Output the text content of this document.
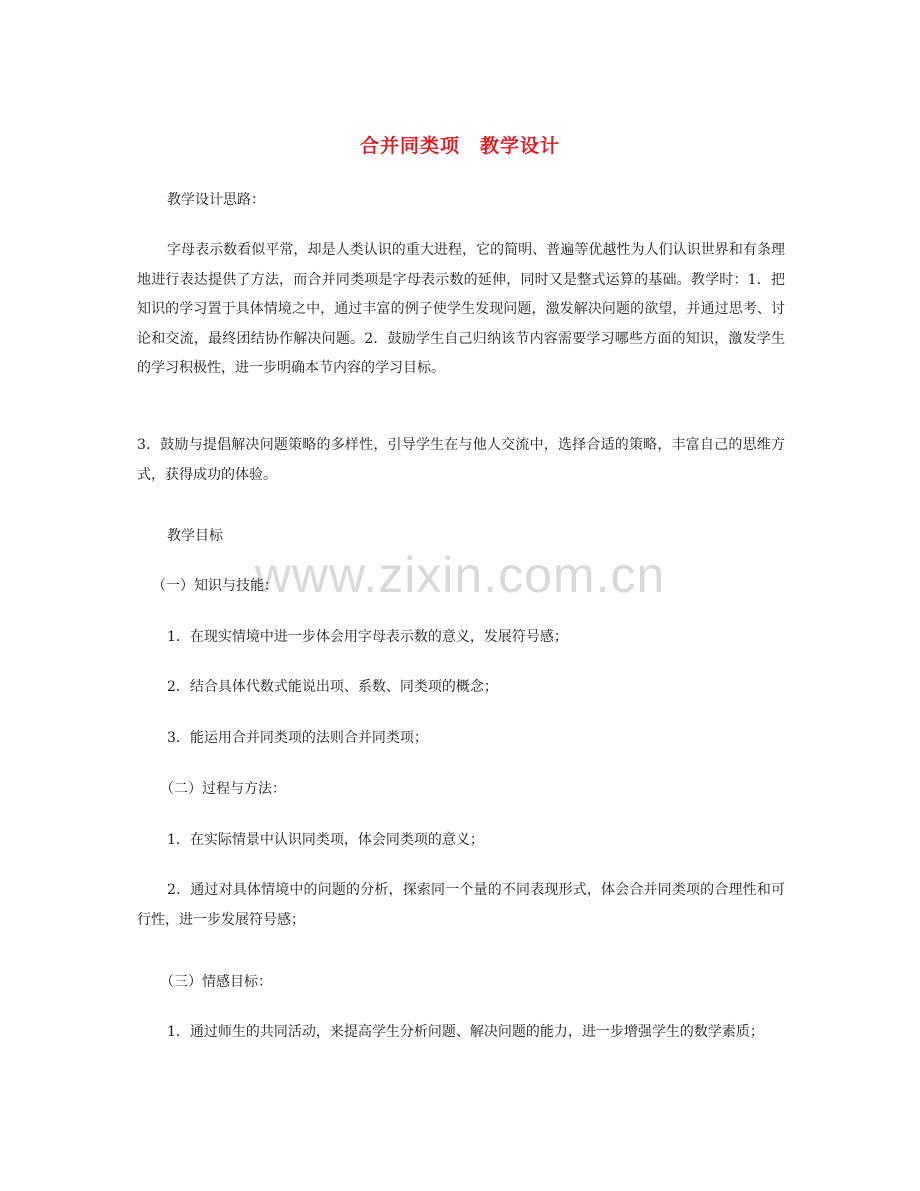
合并同类项　教学设计
教学设计思路：
字母表示数看似平常，却是人类认识的重大进程，它的简明、普遍等优越性为人们认识世界和有条理地进行表达提供了方法，而合并同类项是字母表示数的延伸，同时又是整式运算的基础。教学时：1．把知识的学习置于具体情境之中，通过丰富的例子使学生发现问题，激发解决问题的欲望，并通过思考、讨论和交流，最终团结协作解决问题。2．鼓励学生自己归纳该节内容需要学习哪些方面的知识，激发学生的学习积极性，进一步明确本节内容的学习目标。
3．鼓励与提倡解决问题策略的多样性，引导学生在与他人交流中，选择合适的策略，丰富自己的思维方式，获得成功的体验。
www.zixin.com.cn
教学目标
（一）知识与技能：
1．在现实情境中进一步体会用字母表示数的意义，发展符号感；
2．结合具体代数式能说出项、系数、同类项的概念；
3．能运用合并同类项的法则合并同类项；
（二）过程与方法：
1．在实际情景中认识同类项，体会同类项的意义；
2．通过对具体情境中的问题的分析，探索同一个量的不同表现形式，体会合并同类项的合理性和可行性，进一步发展符号感；
（三）情感目标：
1．通过师生的共同活动，来提高学生分析问题、解决问题的能力，进一步增强学生的数学素质；
